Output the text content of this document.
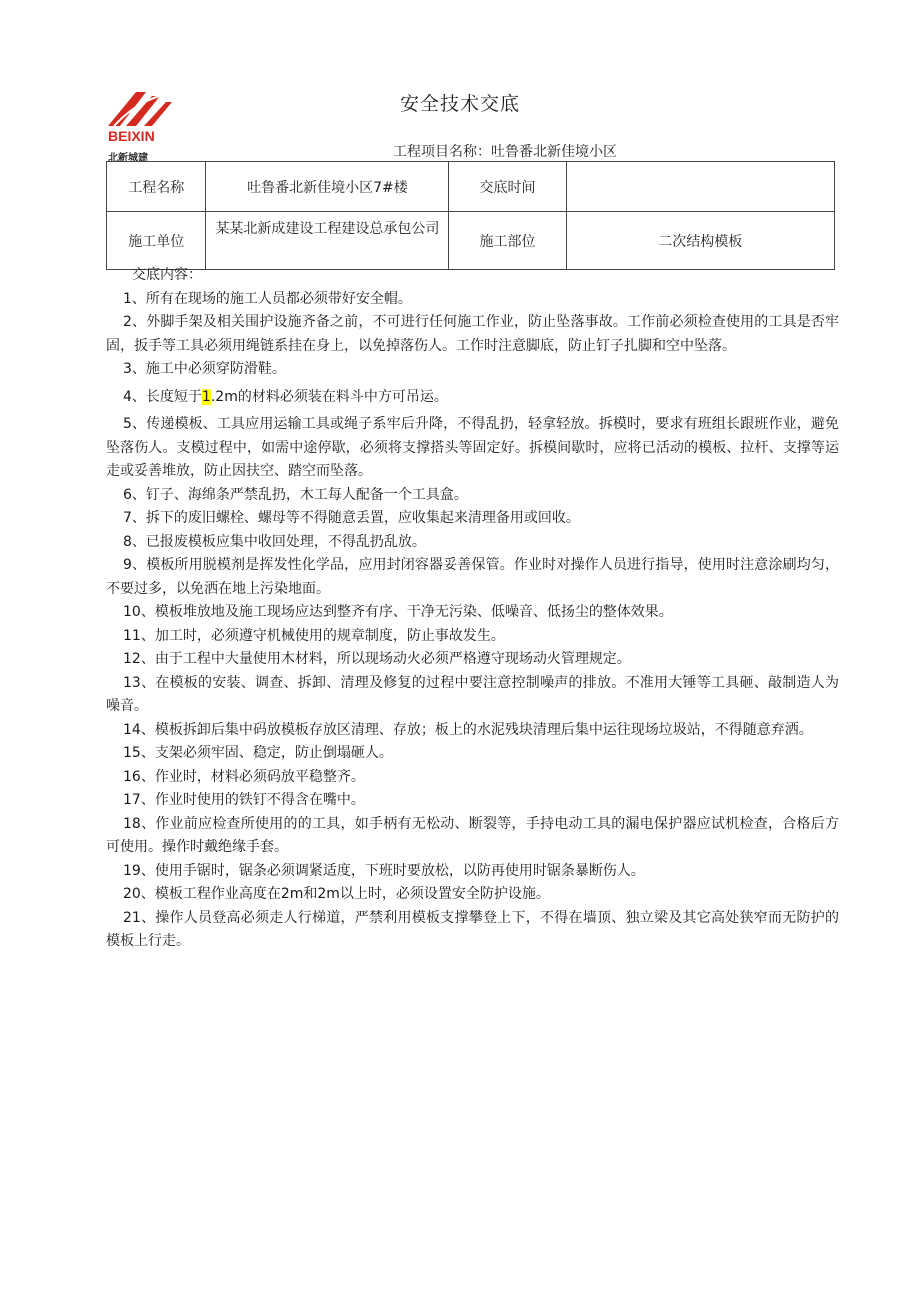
BEIXIN
北新城建
安全技术交底
工程项目名称：吐鲁番北新佳境小区
工程名称	吐鲁番北新佳境小区7#楼	交底时间	
施工单位	某某北新成建设工程建设总承包公司	施工部位	二次结构模板
交底内容：

1、所有在现场的施工人员都必须带好安全帽。

2、外脚手架及相关围护设施齐备之前，不可进行任何施工作业，防止坠落事故。工作前必须检查使用的工具是否牢固，扳手等工具必须用绳链系挂在身上，以免掉落伤人。工作时注意脚底，防止钉子扎脚和空中坠落。

3、施工中必须穿防滑鞋。

4、长度短于1.2m的材料必须装在料斗中方可吊运。

5、传递模板、工具应用运输工具或绳子系牢后升降，不得乱扔，轻拿轻放。拆模时，要求有班组长跟班作业，避免坠落伤人。支模过程中，如需中途停歇，必须将支撑搭头等固定好。拆模间歇时，应将已活动的模板、拉杆、支撑等运走或妥善堆放，防止因扶空、踏空而坠落。

6、钉子、海绵条严禁乱扔，木工每人配备一个工具盒。

7、拆下的废旧螺栓、螺母等不得随意丢置，应收集起来清理备用或回收。

8、已报废模板应集中收回处理，不得乱扔乱放。

9、模板所用脱模剂是挥发性化学品，应用封闭容器妥善保管。作业时对操作人员进行指导，使用时注意涂刷均匀，不要过多，以免洒在地上污染地面。

10、模板堆放地及施工现场应达到整齐有序、干净无污染、低噪音、低扬尘的整体效果。

11、加工时，必须遵守机械使用的规章制度，防止事故发生。

12、由于工程中大量使用木材料，所以现场动火必须严格遵守现场动火管理规定。

13、在模板的安装、调查、拆卸、清理及修复的过程中要注意控制噪声的排放。不准用大锤等工具砸、敲制造人为噪音。

14、模板拆卸后集中码放模板存放区清理、存放；板上的水泥残块清理后集中运往现场垃圾站，不得随意弃洒。

15、支架必须牢固、稳定，防止倒塌砸人。

16、作业时，材料必须码放平稳整齐。

17、作业时使用的铁钉不得含在嘴中。

18、作业前应检查所使用的的工具，如手柄有无松动、断裂等，手持电动工具的漏电保护器应试机检查，合格后方可使用。操作时戴绝缘手套。

19、使用手锯时，锯条必须调紧适度，下班时要放松，以防再使用时锯条暴断伤人。

20、模板工程作业高度在2m和2m以上时，必须设置安全防护设施。

21、操作人员登高必须走人行梯道，严禁利用模板支撑攀登上下，不得在墙顶、独立梁及其它高处狭窄而无防护的模板上行走。
